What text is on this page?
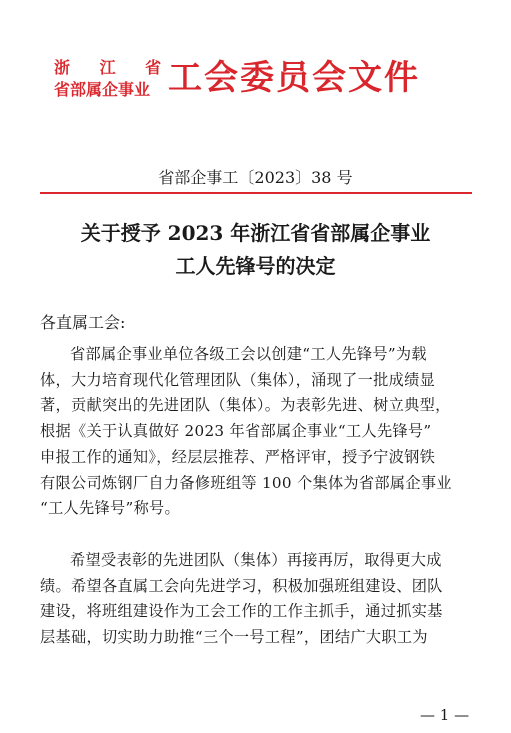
浙 江 省
省部属企事业 工会委员会文件
省部企事工〔2023〕38 号
关于授予 2023 年浙江省省部属企事业
工人先锋号的决定
各直属工会:
省部属企事业单位各级工会以创建“工人先锋号”为载
体，大力培育现代化管理团队（集体），涌现了一批成绩显
著，贡献突出的先进团队（集体）。为表彰先进、树立典型，
根据《关于认真做好 2023 年省部属企事业“工人先锋号”
申报工作的通知》，经层层推荐、严格评审，授予宁波钢铁
有限公司炼钢厂自力备修班组等 100 个集体为省部属企事业
“工人先锋号”称号。
希望受表彰的先进团队（集体）再接再厉，取得更大成
绩。希望各直属工会向先进学习，积极加强班组建设、团队
建设，将班组建设作为工会工作的工作主抓手，通过抓实基
层基础，切实助力助推“三个一号工程”，团结广大职工为
— 1 —
